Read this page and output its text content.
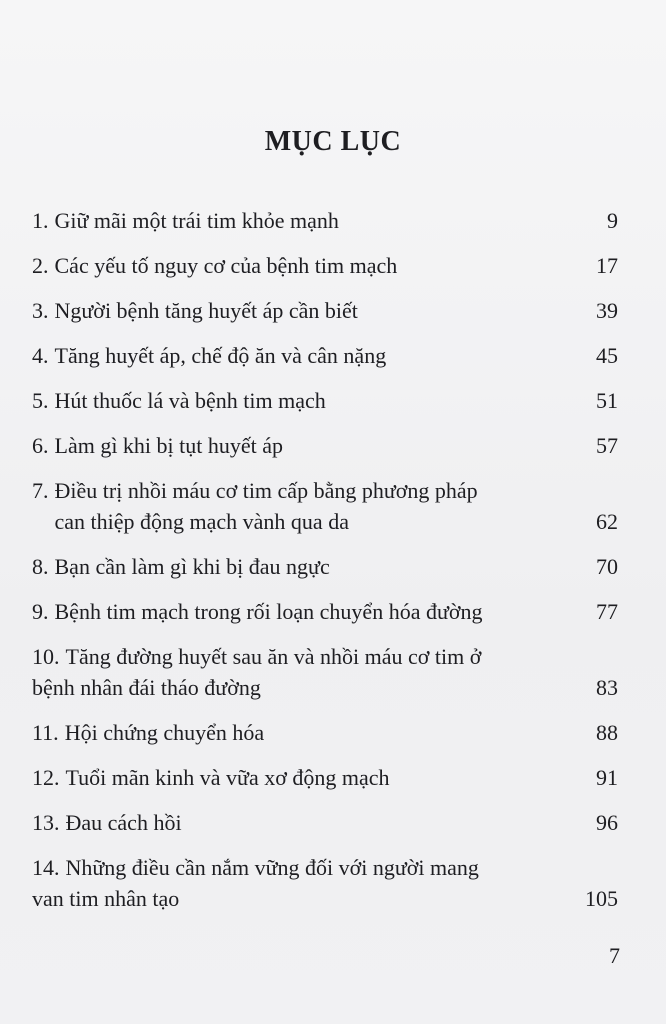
MỤC LỤC
1. Giữ mãi một trái tim khỏe mạnh	9
2. Các yếu tố nguy cơ của bệnh tim mạch	17
3. Người bệnh tăng huyết áp cần biết	39
4. Tăng huyết áp, chế độ ăn và cân nặng	45
5. Hút thuốc lá và bệnh tim mạch	51
6. Làm gì khi bị tụt huyết áp	57
7. Điều trị nhồi máu cơ tim cấp bằng phương pháp
can thiệp động mạch vành qua da	62
8. Bạn cần làm gì khi bị đau ngực	70
9. Bệnh tim mạch trong rối loạn chuyển hóa đường	77
10. Tăng đường huyết sau ăn và nhồi máu cơ tim ở
bệnh nhân đái tháo đường	83
11. Hội chứng chuyển hóa	88
12. Tuổi mãn kinh và vữa xơ động mạch	91
13. Đau cách hồi	96
14. Những điều cần nắm vững đối với người mang
van tim nhân tạo	105
7
